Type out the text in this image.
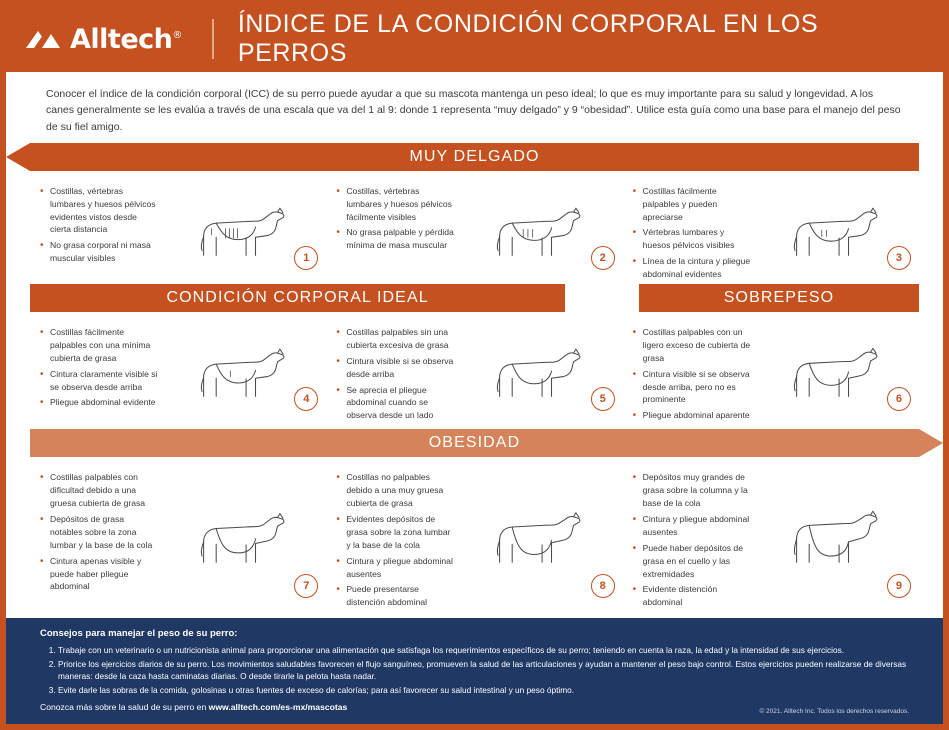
Alltech® ÍNDICE DE LA CONDICIÓN CORPORAL EN LOS PERROS
Conocer el índice de la condición corporal (ICC) de su perro puede ayudar a que su mascota mantenga un peso ideal; lo que es muy importante para su salud y longevidad. A los canes generalmente se les evalúa a través de una escala que va del 1 al 9: donde 1 representa “muy delgado” y 9 “obesidad”. Utilice esta guía como una base para el manejo del peso de su fiel amigo.
MUY DELGADO
• Costillas, vértebras lumbares y huesos pélvicos evidentes vistos desde cierta distancia
• No grasa corporal ni masa muscular visibles	1
• Costillas, vértebras lumbares y huesos pélvicos fácilmente visibles
• No grasa palpable y pérdida mínima de masa muscular
2
• Costillas fácilmente palpables y pueden apreciarse
• Vértebras lumbares y huesos pélvicos visibles
• Línea de la cintura y pliegue abdominal evidentes
3
CONDICIÓN CORPORAL IDEAL	SOBREPESO
• Costillas fácilmente palpables con una mínima cubierta de grasa
• Cintura claramente visible si se observa desde arriba
• Pliegue abdominal evidente	4
• Costillas palpables sin una cubierta excesiva de grasa
• Cintura visible si se observa desde arriba
• Se aprecia el pliegue abdominal cuando se observa desde un lado
5
• Costillas palpables con un ligero exceso de cubierta de grasa
• Cintura visible si se observa desde arriba, pero no es prominente
• Pliegue abdominal aparente
6
OBESIDAD
• Costillas palpables con dificultad debido a una gruesa cubierta de grasa
• Depósitos de grasa notables sobre la zona lumbar y la base de la cola
• Cintura apenas visible y puede haber pliegue abdominal	7
• Costillas no palpables debido a una muy gruesa cubierta de grasa
• Evidentes depósitos de grasa sobre la zona lumbar y la base de la cola
• Cintura y pliegue abdominal ausentes
• Puede presentarse distención abdominal
8
• Depósitos muy grandes de grasa sobre la columna y la base de la cola
• Cintura y pliegue abdominal ausentes
• Puede haber depósitos de grasa en el cuello y las extremidades
• Evidente distención abdominal
9
Consejos para manejar el peso de su perro:
1. Trabaje con un veterinario o un nutricionista animal para proporcionar una alimentación que satisfaga los requerimientos específicos de su perro; teniendo en cuenta la raza, la edad y la intensidad de sus ejercicios.
2. Priorice los ejercicios diarios de su perro. Los movimientos saludables favorecen el flujo sanguíneo, promueven la salud de las articulaciones y ayudan a mantener el peso bajo control. Estos ejercicios pueden realizarse de diversas maneras: desde la caza hasta caminatas diarias. O desde tirarle la pelota hasta nadar.
3. Evite darle las sobras de la comida, golosinas u otras fuentes de exceso de calorías; para así favorecer su salud intestinal y un peso óptimo.
Conozca más sobre la salud de su perro en www.alltech.com/es-mx/mascotas	© 2021. Alltech Inc. Todos los derechos reservados.
